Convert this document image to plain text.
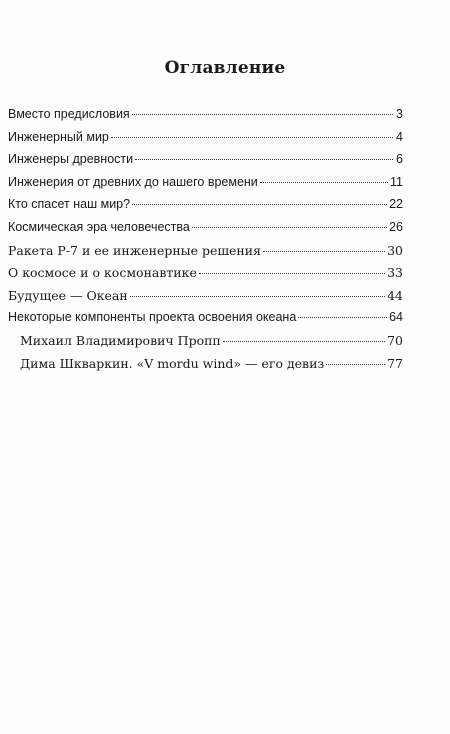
Оглавление
Вместо предисловия	3
Инженерный мир	4
Инженеры древности	6
Инженерия от древних до нашего времени	11
Кто спасет наш мир?	22
Космическая эра человечества	26
Ракета Р-7 и ее инженерные решения	30
О космосе и о космонавтике	33
Будущее — Океан	44
Некоторые компоненты проекта освоения океана	64
Михаил Владимирович Пропп	70
Дима Шкваркин. «V mordu wind» — его девиз	77
